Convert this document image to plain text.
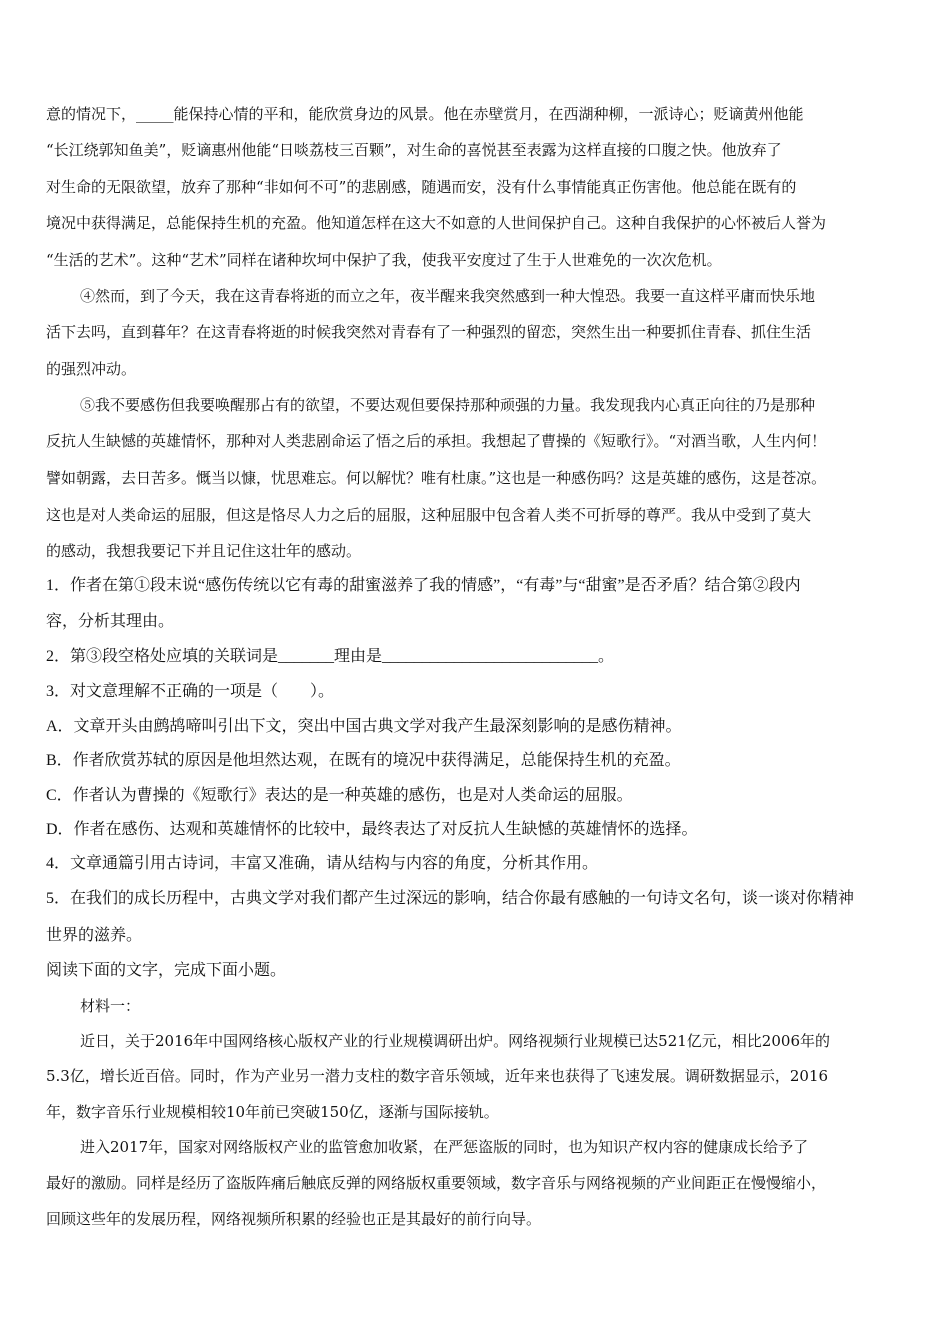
意的情况下，_____能保持心情的平和，能欣赏身边的风景。他在赤壁赏月，在西湖种柳，一派诗心；贬谪黄州他能
“长江绕郭知鱼美”，贬谪惠州他能“日啖荔枝三百颗”，对生命的喜悦甚至表露为这样直接的口腹之快。他放弃了
对生命的无限欲望，放弃了那种“非如何不可”的悲剧感，随遇而安，没有什么事情能真正伤害他。他总能在既有的
境况中获得满足，总能保持生机的充盈。他知道怎样在这大不如意的人世间保护自己。这种自我保护的心怀被后人誉为
“生活的艺术”。这种“艺术”同样在诸种坎坷中保护了我，使我平安度过了生于人世难免的一次次危机。
④然而，到了今天，我在这青春将逝的而立之年，夜半醒来我突然感到一种大惶恐。我要一直这样平庸而快乐地
活下去吗，直到暮年？在这青春将逝的时候我突然对青春有了一种强烈的留恋，突然生出一种要抓住青春、抓住生活
的强烈冲动。
⑤我不要感伤但我要唤醒那占有的欲望，不要达观但要保持那种顽强的力量。我发现我内心真正向往的乃是那种
反抗人生缺憾的英雄情怀，那种对人类悲剧命运了悟之后的承担。我想起了曹操的《短歌行》。“对酒当歌，人生内何！
譬如朝露，去日苦多。慨当以慷，忧思难忘。何以解忧？唯有杜康。”这也是一种感伤吗？这是英雄的感伤，这是苍凉。
这也是对人类命运的屈服，但这是恪尽人力之后的屈服，这种屈服中包含着人类不可折辱的尊严。我从中受到了莫大
的感动，我想我要记下并且记住这壮年的感动。
1．作者在第①段末说“感伤传统以它有毒的甜蜜滋养了我的情感”，“有毒”与“甜蜜”是否矛盾？结合第②段内
容，分析其理由。
2．第③段空格处应填的关联词是_______理由是___________________________。
3．对文意理解不正确的一项是（　　）。
A．文章开头由鹧鸪啼叫引出下文，突出中国古典文学对我产生最深刻影响的是感伤精神。
B．作者欣赏苏轼的原因是他坦然达观，在既有的境况中获得满足，总能保持生机的充盈。
C．作者认为曹操的《短歌行》表达的是一种英雄的感伤，也是对人类命运的屈服。
D．作者在感伤、达观和英雄情怀的比较中，最终表达了对反抗人生缺憾的英雄情怀的选择。
4．文章通篇引用古诗词，丰富又准确，请从结构与内容的角度，分析其作用。
5．在我们的成长历程中，古典文学对我们都产生过深远的影响，结合你最有感触的一句诗文名句，谈一谈对你精神
世界的滋养。
阅读下面的文字，完成下面小题。
材料一：
近日，关于2016年中国网络核心版权产业的行业规模调研出炉。网络视频行业规模已达521亿元，相比2006年的
5.3亿，增长近百倍。同时，作为产业另一潜力支柱的数字音乐领域，近年来也获得了飞速发展。调研数据显示，2016
年，数字音乐行业规模相较10年前已突破150亿，逐渐与国际接轨。
进入2017年，国家对网络版权产业的监管愈加收紧，在严惩盗版的同时，也为知识产权内容的健康成长给予了
最好的激励。同样是经历了盗版阵痛后触底反弹的网络版权重要领域，数字音乐与网络视频的产业间距正在慢慢缩小，
回顾这些年的发展历程，网络视频所积累的经验也正是其最好的前行向导。
